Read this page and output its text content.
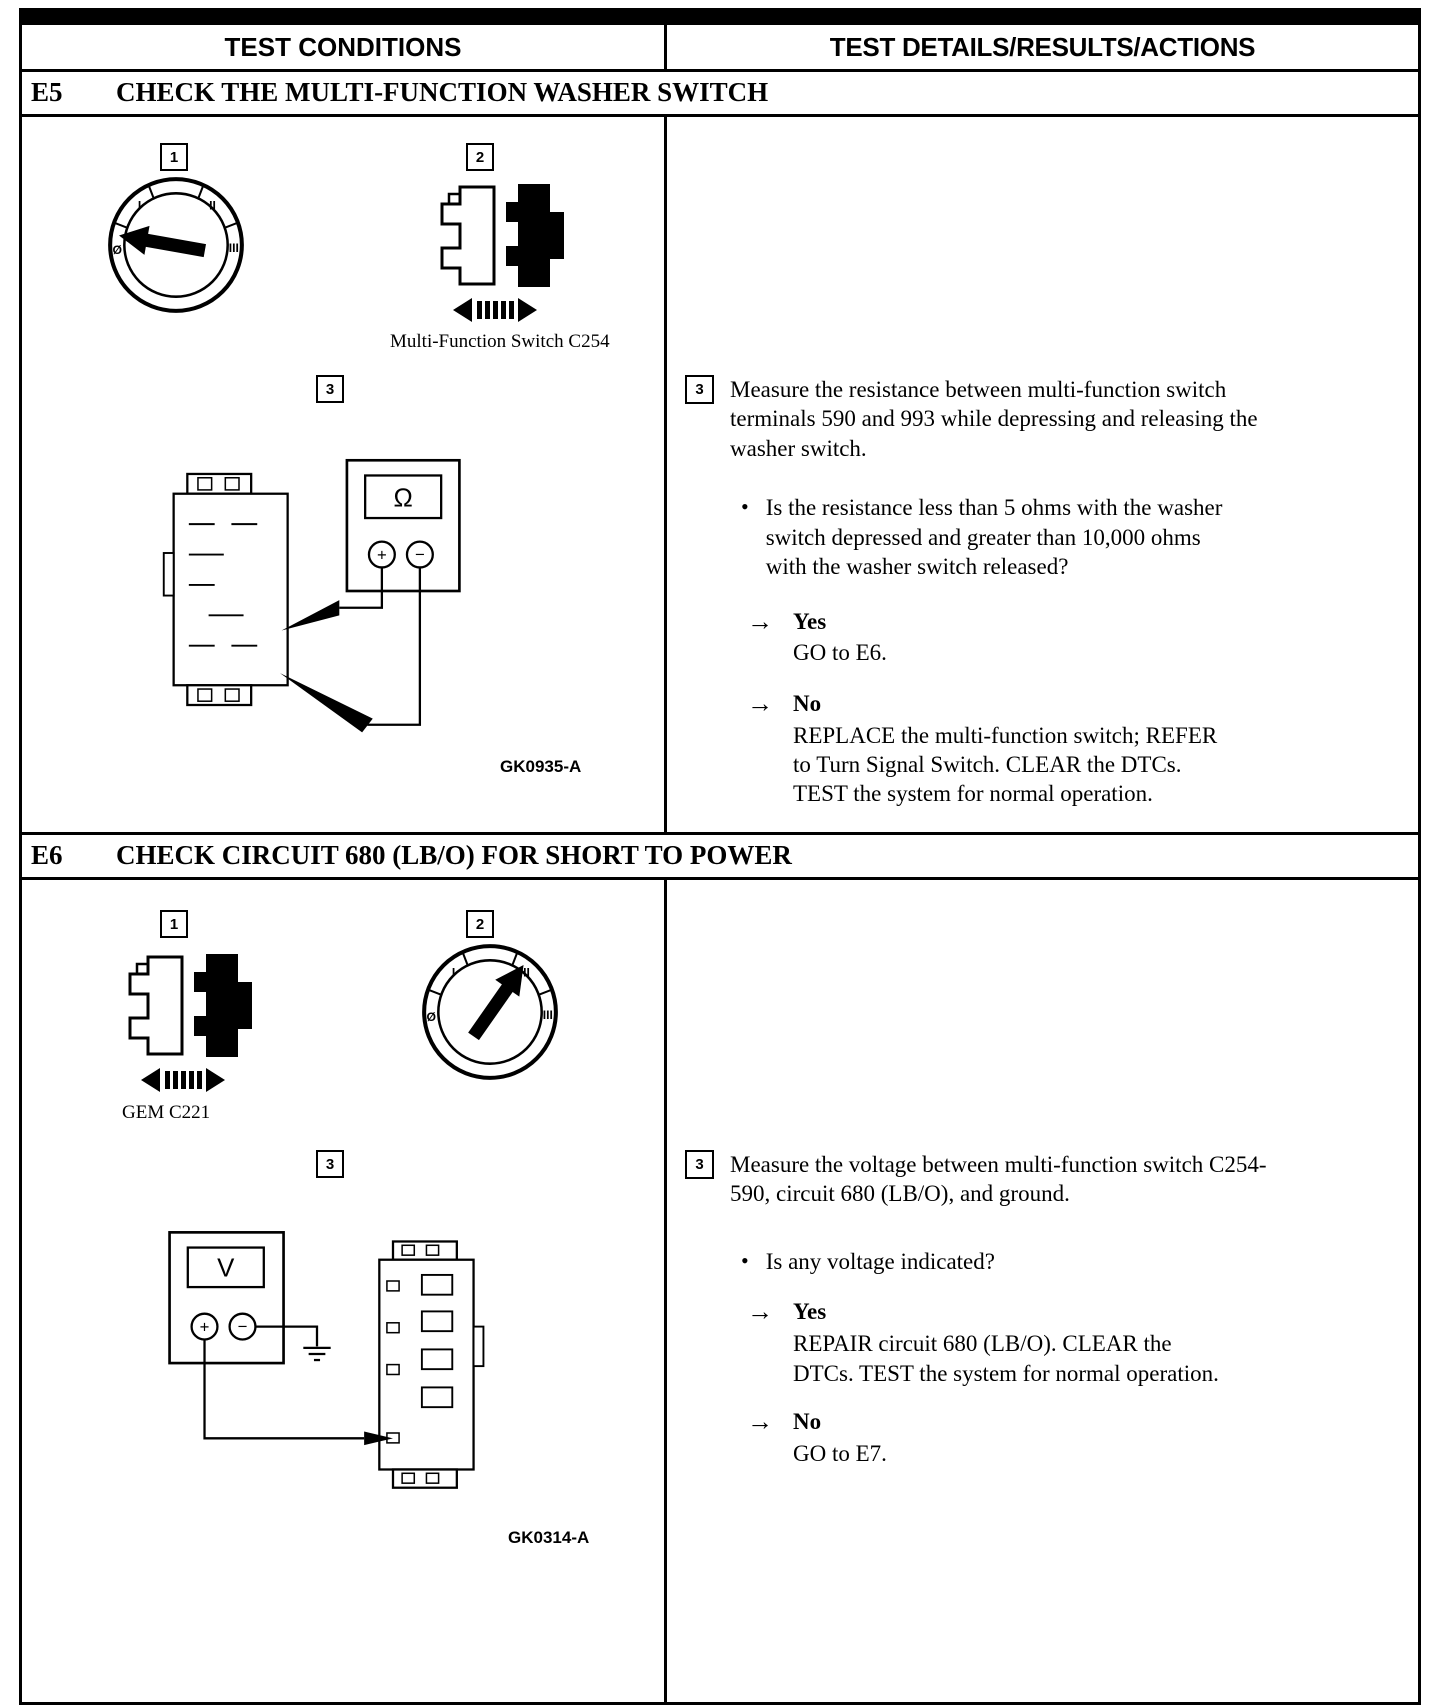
TEST CONDITIONS	TEST DETAILS/RESULTS/ACTIONS
E5	CHECK THE MULTI-FUNCTION WASHER SWITCH
1	2
3
Ø
I	II
III
Multi-Function Switch C254
Ω
+ −
GK0935-A
3	Measure the resistance between multi-function switch terminals 590 and 993 while depressing and releasing the washer switch.
• Is the resistance less than 5 ohms with the washer switch depressed and greater than 10,000 ohms with the washer switch released?
→ Yes
GO to E6.
→ No
REPLACE the multi-function switch; REFER to Turn Signal Switch. CLEAR the DTCs. TEST the system for normal operation.
E6	CHECK CIRCUIT 680 (LB/O) FOR SHORT TO POWER
1	2
3
GEM C221
Ø
I	II
III
V
+ −
GK0314-A
3	Measure the voltage between multi-function switch C254-590, circuit 680 (LB/O), and ground.
• Is any voltage indicated?
→ Yes
REPAIR circuit 680 (LB/O). CLEAR the DTCs. TEST the system for normal operation.
→ No
GO to E7.
